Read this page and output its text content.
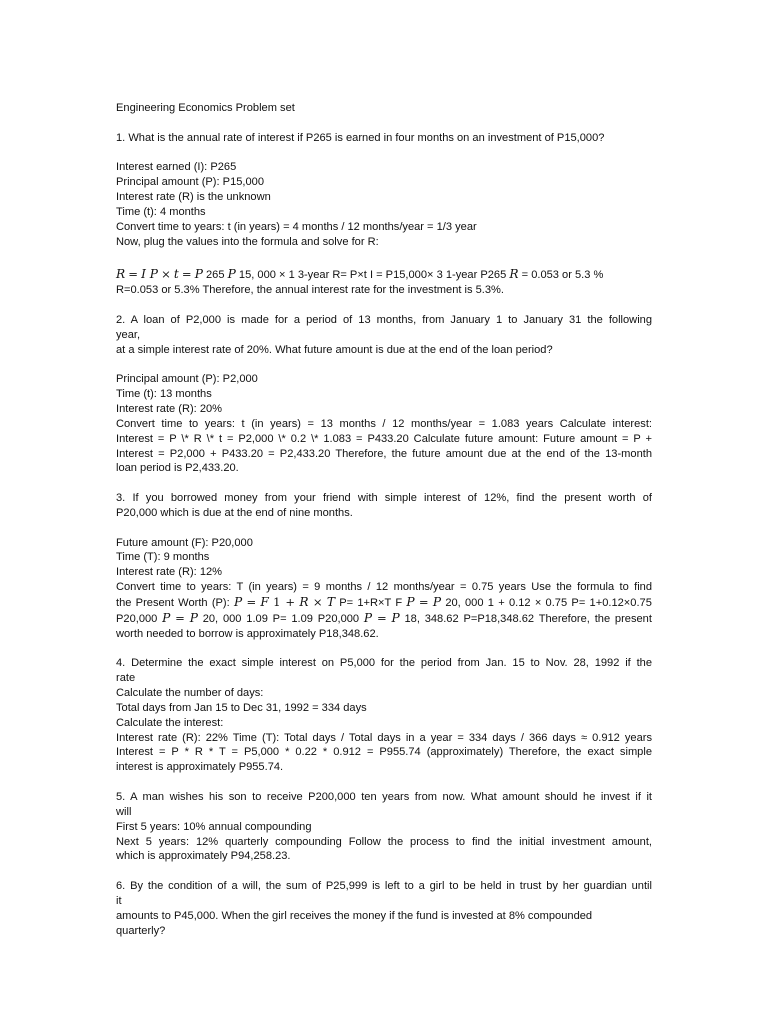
Engineering Economics Problem set
1. What is the annual rate of interest if P265 is earned in four months on an investment of P15,000?
Interest earned (I): P265
Principal amount (P): P15,000
Interest rate (R) is the unknown
Time (t): 4 months
Convert time to years: t (in years) = 4 months / 12 months/year = 1/3 year
Now, plug the values into the formula and solve for R:
R = I P × t = P 265 P 15, 000 × 1 3-year R= P×t I = P15,000× 3 1-year P265 R = 0.053 or 5.3 %
R=0.053 or 5.3% Therefore, the annual interest rate for the investment is 5.3%.
2. A loan of P2,000 is made for a period of 13 months, from January 1 to January 31 the following
year,
at a simple interest rate of 20%. What future amount is due at the end of the loan period?
Principal amount (P): P2,000
Time (t): 13 months
Interest rate (R): 20%
Convert time to years: t (in years) = 13 months / 12 months/year = 1.083 years Calculate interest:
Interest = P \* R \* t = P2,000 \* 0.2 \* 1.083 = P433.20 Calculate future amount: Future amount = P +
Interest = P2,000 + P433.20 = P2,433.20 Therefore, the future amount due at the end of the 13-month
loan period is P2,433.20.
3. If you borrowed money from your friend with simple interest of 12%, find the present worth of
P20,000 which is due at the end of nine months.
Future amount (F): P20,000
Time (T): 9 months
Interest rate (R): 12%
Convert time to years: T (in years) = 9 months / 12 months/year = 0.75 years Use the formula to find
the Present Worth (P): P = F 1 + R × T P= 1+R×T F P = P 20, 000 1 + 0.12 × 0.75 P= 1+0.12×0.75
P20,000 P = P 20, 000 1.09 P= 1.09 P20,000 P = P 18, 348.62 P=P18,348.62 Therefore, the present
worth needed to borrow is approximately P18,348.62.
4. Determine the exact simple interest on P5,000 for the period from Jan. 15 to Nov. 28, 1992 if the
rate
Calculate the number of days:
Total days from Jan 15 to Dec 31, 1992 = 334 days
Calculate the interest:
Interest rate (R): 22% Time (T): Total days / Total days in a year = 334 days / 366 days ≈ 0.912 years
Interest = P * R * T = P5,000 * 0.22 * 0.912 = P955.74 (approximately) Therefore, the exact simple
interest is approximately P955.74.
5. A man wishes his son to receive P200,000 ten years from now. What amount should he invest if it
will
First 5 years: 10% annual compounding
Next 5 years: 12% quarterly compounding Follow the process to find the initial investment amount,
which is approximately P94,258.23.
6. By the condition of a will, the sum of P25,999 is left to a girl to be held in trust by her guardian until
it
amounts to P45,000. When the girl receives the money if the fund is invested at 8% compounded
quarterly?
